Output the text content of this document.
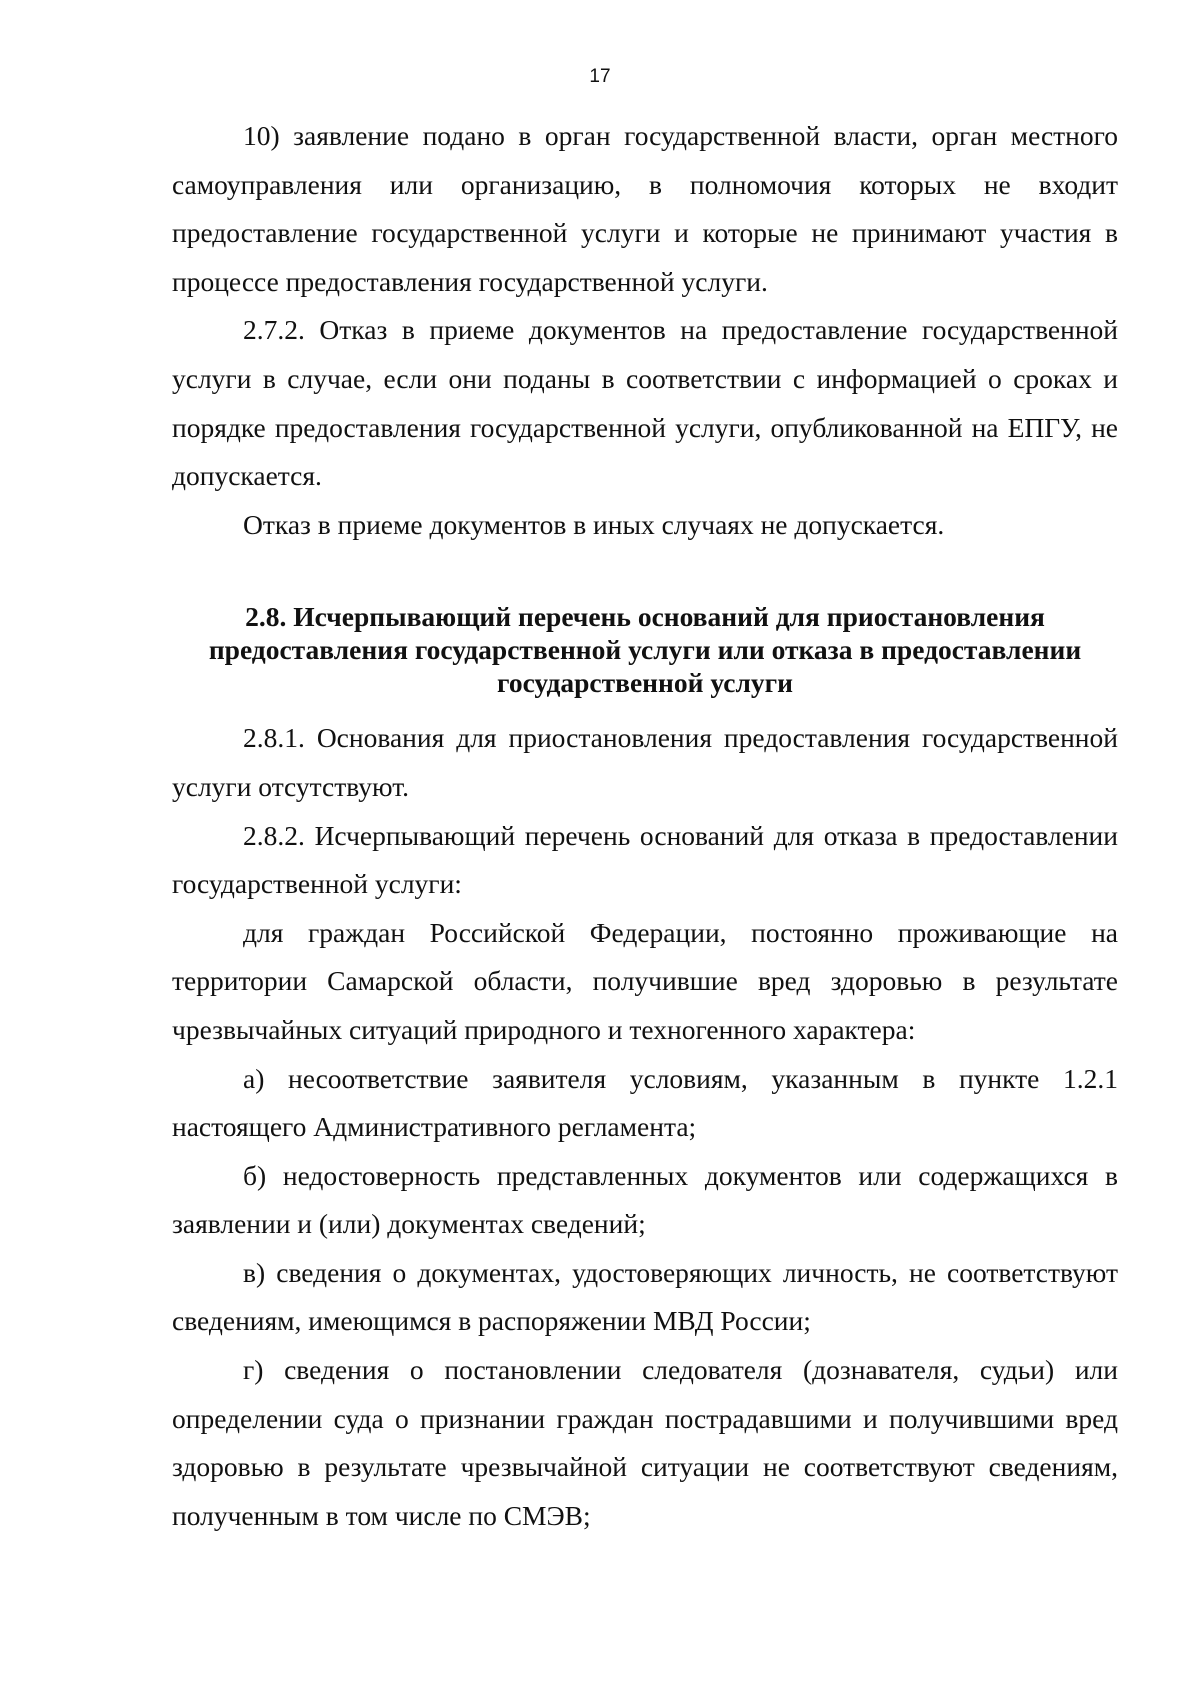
17

10) заявление подано в орган государственной власти, орган местного самоуправления или организацию, в полномочия которых не входит предоставление государственной услуги и которые не принимают участия в процессе предоставления государственной услуги.

2.7.2. Отказ в приеме документов на предоставление государственной услуги в случае, если они поданы в соответствии с информацией о сроках и порядке предоставления государственной услуги, опубликованной на ЕПГУ, не допускается.

Отказ в приеме документов в иных случаях не допускается.

2.8. Исчерпывающий перечень оснований для приостановления предоставления государственной услуги или отказа в предоставлении государственной услуги

2.8.1. Основания для приостановления предоставления государственной услуги отсутствуют.

2.8.2. Исчерпывающий перечень оснований для отказа в предоставлении государственной услуги:

для граждан Российской Федерации, постоянно проживающие на территории Самарской области, получившие вред здоровью в результате чрезвычайных ситуаций природного и техногенного характера:

а) несоответствие заявителя условиям, указанным в пункте 1.2.1 настоящего Административного регламента;

б) недостоверность представленных документов или содержащихся в заявлении и (или) документах сведений;

в) сведения о документах, удостоверяющих личность, не соответствуют сведениям, имеющимся в распоряжении МВД России;

г) сведения о постановлении следователя (дознавателя, судьи) или определении суда о признании граждан пострадавшими и получившими вред здоровью в результате чрезвычайной ситуации не соответствуют сведениям, полученным в том числе по СМЭВ;
